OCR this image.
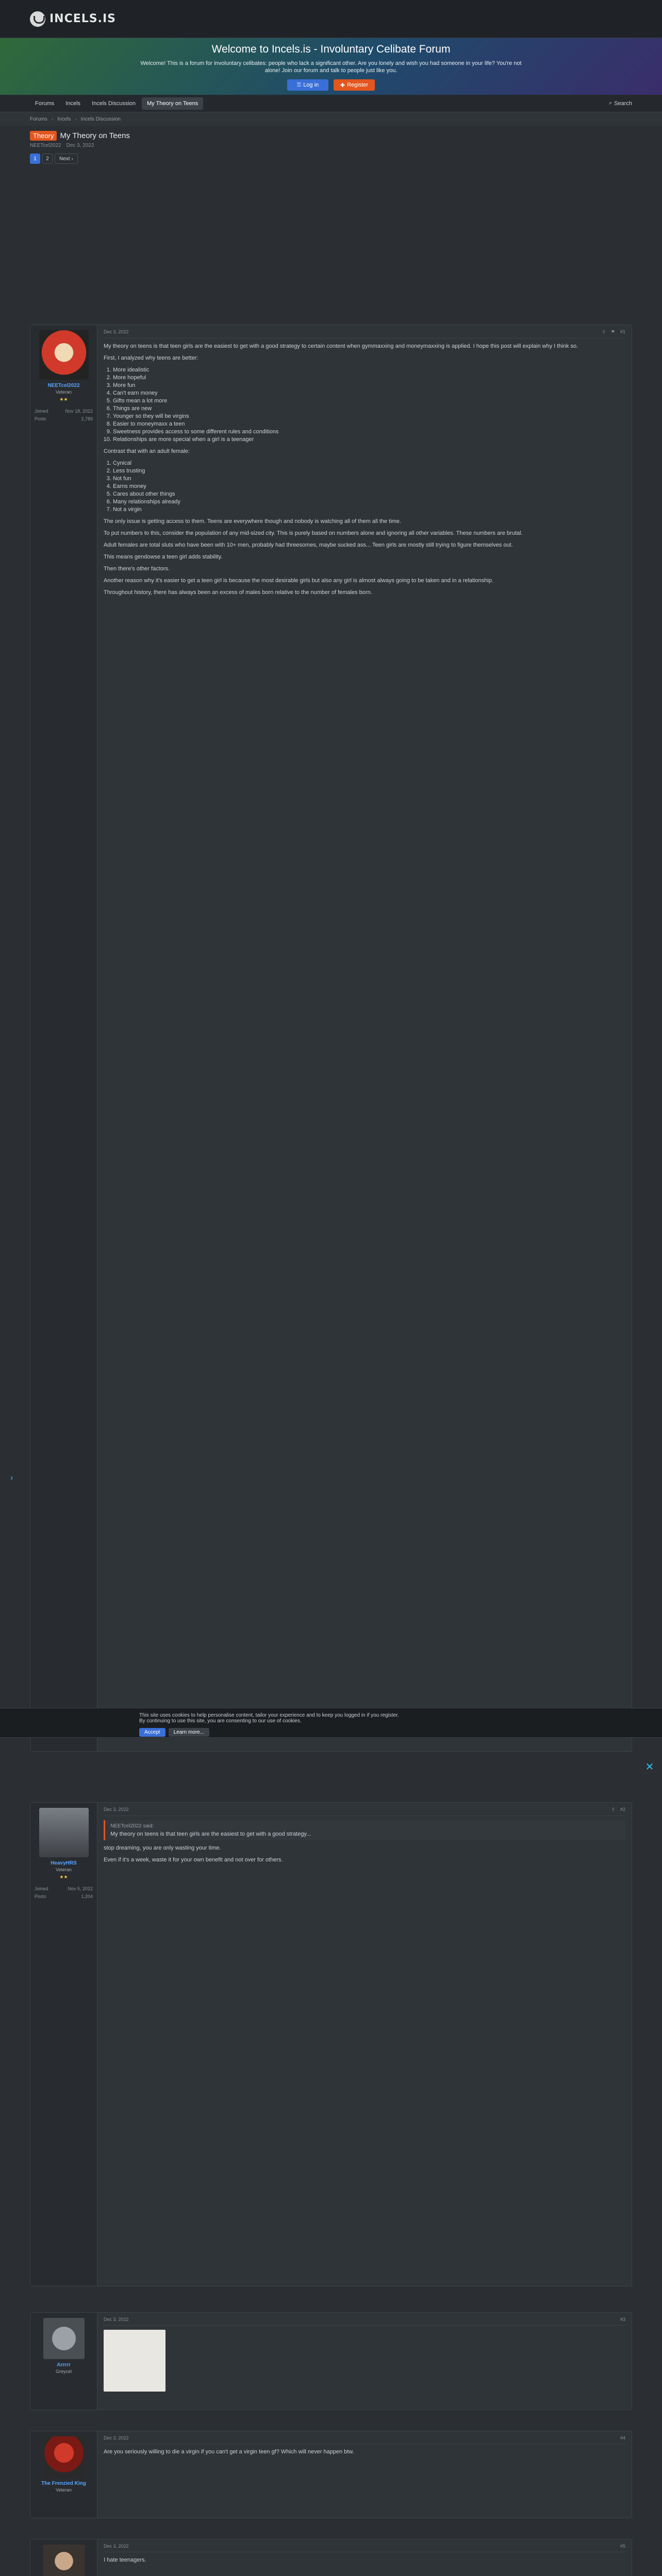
INCELS.IS
Welcome to Incels.is - Involuntary Celibate Forum

Welcome! This is a forum for involuntary celibates: people who lack a significant other. Are you lonely and wish you had someone in your life? You're not alone! Join our forum and talk to people just like you.

⚿ Log in	✚ Register
Forums	Incels	Incels Discussion	My Theory on Teens	⌕ Search
Forums › Incels › Incels Discussion
Theory My Theory on Teens
NEETcel2022 Dec 3, 2022
1	2	Next ›
NEETcel2022
Veteran
★★
Joined	Nov 18, 2022
Posts	2,789
Dec 3, 2022	⇪ ⚑ #1

My theory on teens is that teen girls are the easiest to get with a good strategy to certain content when gymmaxxing and moneymaxxing is applied. I hope this post will explain why I think so.

First, I analyzed why teens are better:

1. More idealistic
2. More hopeful
3. More fun
4. Can't earn money
5. Gifts mean a lot more
6. Things are new
7. Younger so they will be virgins
8. Easier to moneymaxx a teen
9. Sweetness provides access to some different rules and conditions
10. Relationships are more special when a girl is a teenager

Contrast that with an adult female:

1. Cynical
2. Less trusting
3. Not fun
4. Earns money
5. Cares about other things
6. Many relationships already
7. Not a virgin

The only issue is getting access to them. Teens are everywhere though and nobody is watching all of them all the time.

To put numbers to this, consider the population of any mid-sized city. This is purely based on numbers alone and ignoring all other variables. These numbers are brutal.

Adult females are total sluts who have been with 10+ men, probably had threesomes, maybe sucked ass... Teen girls are mostly still trying to figure themselves out.

This means gendowse a teen girl adds stability.

Then there's other factors.

Another reason why it's easier to get a teen girl is because the most desirable girls but also any girl is almost always going to be taken and in a relationship.

Throughout history, there has always been an excess of males born relative to the number of females born.

HeavyHRS
Veteran
★★
Joined	Nov 5, 2022
Posts	1,204
Dec 3, 2022	⇪ #2
NEETcel2022 said:
My theory on teens is that teen girls are the easiest to get with a good strategy...

stop dreaming, you are only wasting your time.

Even if it's a week, waste it for your own benefit and not over for others.

Arrrrr
Greycel
Dec 3, 2022	#3
The Frenzied King
Veteran
Dec 3, 2022	#4

Are you seriously willing to die a virgin if you can't get a virgin teen gf? Which will never happen btw.

Dec 3, 2022	#5

I hate teenagers.

This site uses cookies to help personalise content, tailor your experience and to keep you logged in if you register.
By continuing to use this site, you are consenting to our use of cookies.
Accept	Learn more...
✕
›
